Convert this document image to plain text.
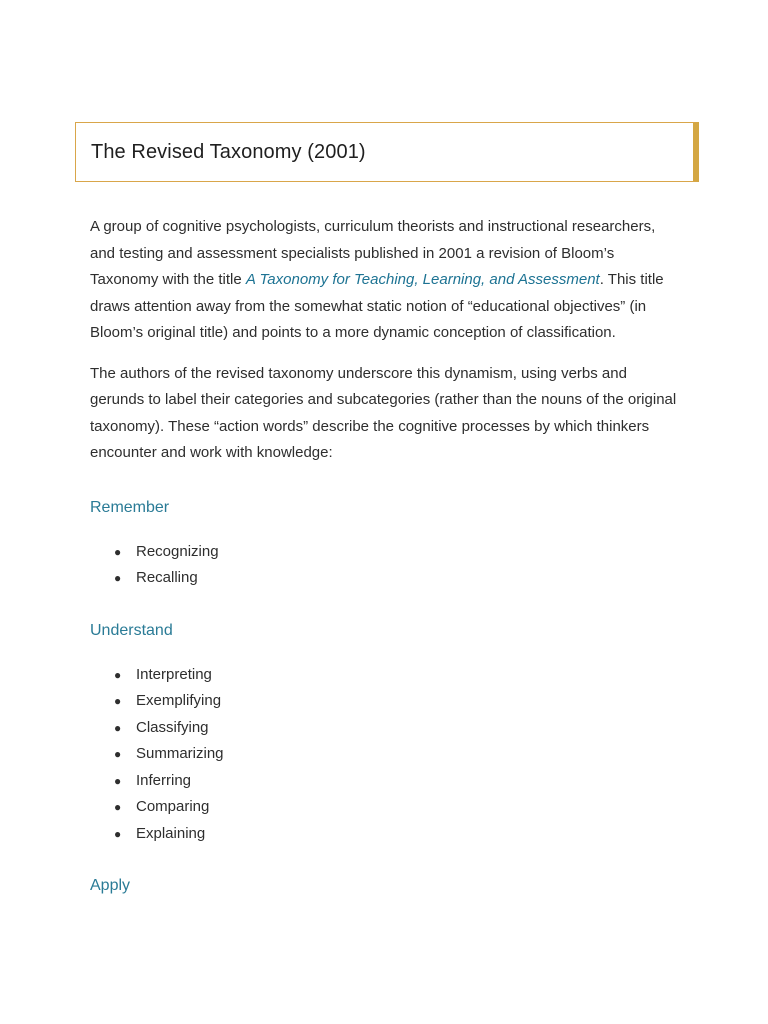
The Revised Taxonomy (2001)

A group of cognitive psychologists, curriculum theorists and instructional researchers, and testing and assessment specialists published in 2001 a revision of Bloom’s Taxonomy with the title A Taxonomy for Teaching, Learning, and Assessment. This title draws attention away from the somewhat static notion of “educational objectives” (in Bloom’s original title) and points to a more dynamic conception of classification.

The authors of the revised taxonomy underscore this dynamism, using verbs and gerunds to label their categories and subcategories (rather than the nouns of the original taxonomy). These “action words” describe the cognitive processes by which thinkers encounter and work with knowledge:

Remember
● Recognizing
● Recalling
Understand
● Interpreting
● Exemplifying
● Classifying
● Summarizing
● Inferring
● Comparing
● Explaining
Apply
